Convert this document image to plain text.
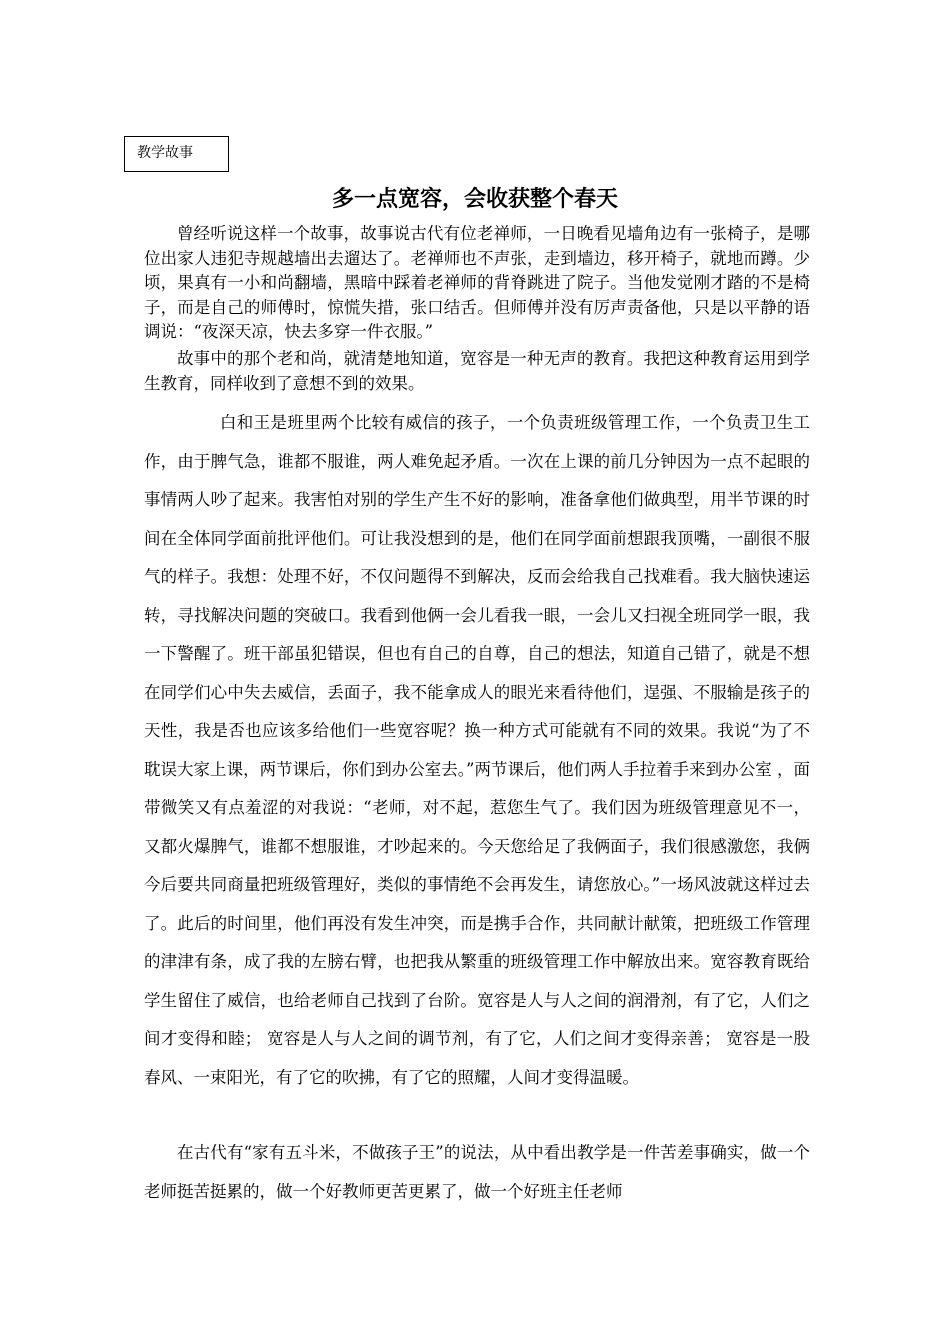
教学故事
多一点宽容，会收获整个春天

曾经听说这样一个故事，故事说古代有位老禅师，一日晚看见墙角边有一张椅子，是哪位出家人违犯寺规越墙出去遛达了。老禅师也不声张，走到墙边，移开椅子，就地而蹲。少顷，果真有一小和尚翻墙，黑暗中踩着老禅师的背脊跳进了院子。当他发觉刚才踏的不是椅子，而是自己的师傅时，惊慌失措，张口结舌。但师傅并没有厉声责备他，只是以平静的语调说：“夜深天凉，快去多穿一件衣服。”

故事中的那个老和尚，就清楚地知道，宽容是一种无声的教育。我把这种教育运用到学生教育，同样收到了意想不到的效果。

白和王是班里两个比较有威信的孩子，一个负责班级管理工作，一个负责卫生工作，由于脾气急，谁都不服谁，两人难免起矛盾。一次在上课的前几分钟因为一点不起眼的事情两人吵了起来。我害怕对别的学生产生不好的影响，准备拿他们做典型，用半节课的时间在全体同学面前批评他们。可让我没想到的是，他们在同学面前想跟我顶嘴，一副很不服气的样子。我想：处理不好，不仅问题得不到解决，反而会给我自己找难看。我大脑快速运转，寻找解决问题的突破口。我看到他俩一会儿看我一眼，一会儿又扫视全班同学一眼，我一下警醒了。班干部虽犯错误，但也有自己的自尊，自己的想法，知道自己错了，就是不想在同学们心中失去威信，丢面子，我不能拿成人的眼光来看待他们，逞强、不服输是孩子的天性，我是否也应该多给他们一些宽容呢？换一种方式可能就有不同的效果。我说“为了不耽误大家上课，两节课后，你们到办公室去。”两节课后，他们两人手拉着手来到办公室 ，面带微笑又有点羞涩的对我说：“老师，对不起，惹您生气了。我们因为班级管理意见不一，又都火爆脾气，谁都不想服谁，才吵起来的。今天您给足了我俩面子，我们很感激您，我俩今后要共同商量把班级管理好，类似的事情绝不会再发生，请您放心。”一场风波就这样过去了。此后的时间里，他们再没有发生冲突，而是携手合作，共同献计献策，把班级工作管理的津津有条，成了我的左膀右臂，也把我从繁重的班级管理工作中解放出来。宽容教育既给学生留住了威信，也给老师自己找到了台阶。宽容是人与人之间的润滑剂，有了它，人们之间才变得和睦； 宽容是人与人之间的调节剂，有了它，人们之间才变得亲善； 宽容是一股春风、一束阳光，有了它的吹拂，有了它的照耀，人间才变得温暖。

在古代有“家有五斗米，不做孩子王”的说法，从中看出教学是一件苦差事确实，做一个老师挺苦挺累的，做一个好教师更苦更累了，做一个好班主任老师
